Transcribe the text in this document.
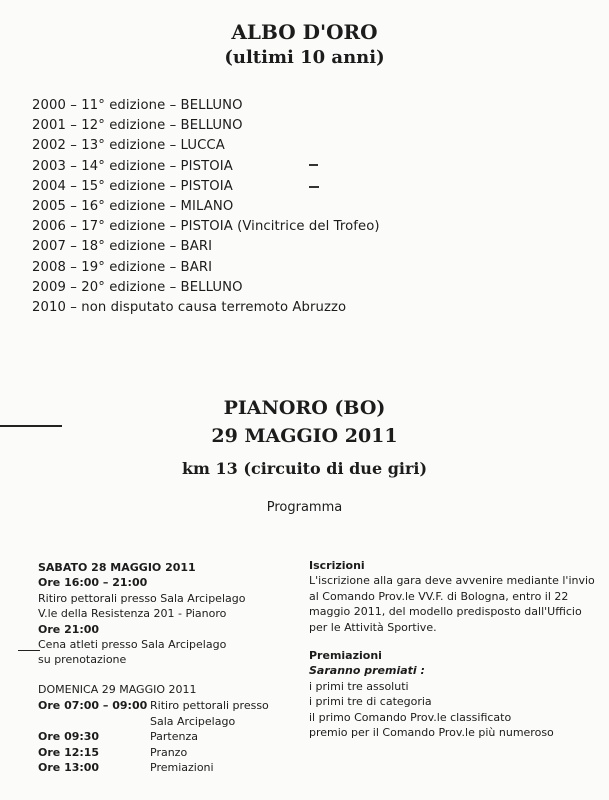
ALBO D'ORO
(ultimi 10 anni)
2000 – 11° edizione – BELLUNO
2001 – 12° edizione – BELLUNO
2002 – 13° edizione – LUCCA
2003 – 14° edizione – PISTOIA
2004 – 15° edizione – PISTOIA
2005 – 16° edizione – MILANO
2006 – 17° edizione – PISTOIA (Vincitrice del Trofeo)
2007 – 18° edizione – BARI
2008 – 19° edizione – BARI
2009 – 20° edizione – BELLUNO
2010 – non disputato causa terremoto Abruzzo
PIANORO (BO)
29 MAGGIO 2011
km 13 (circuito di due giri)
Programma
SABATO 28 MAGGIO 2011
Ore 16:00 – 21:00
Ritiro pettorali presso Sala Arcipelago
V.le della Resistenza 201 - Pianoro
Ore 21:00
Cena atleti presso Sala Arcipelago
su prenotazione
DOMENICA 29 MAGGIO 2011
Ore 07:00 – 09:00 Ritiro pettorali presso
Sala Arcipelago
Ore 09:30	Partenza
Ore 12:15	Pranzo
Ore 13:00	Premiazioni
Iscrizioni
L'iscrizione alla gara deve avvenire mediante l'invio
al Comando Prov.le VV.F. di Bologna, entro il 22
maggio 2011, del modello predisposto dall'Ufficio
per le Attività Sportive.
Premiazioni
Saranno premiati :
i primi tre assoluti
i primi tre di categoria
il primo Comando Prov.le classificato
premio per il Comando Prov.le più numeroso
